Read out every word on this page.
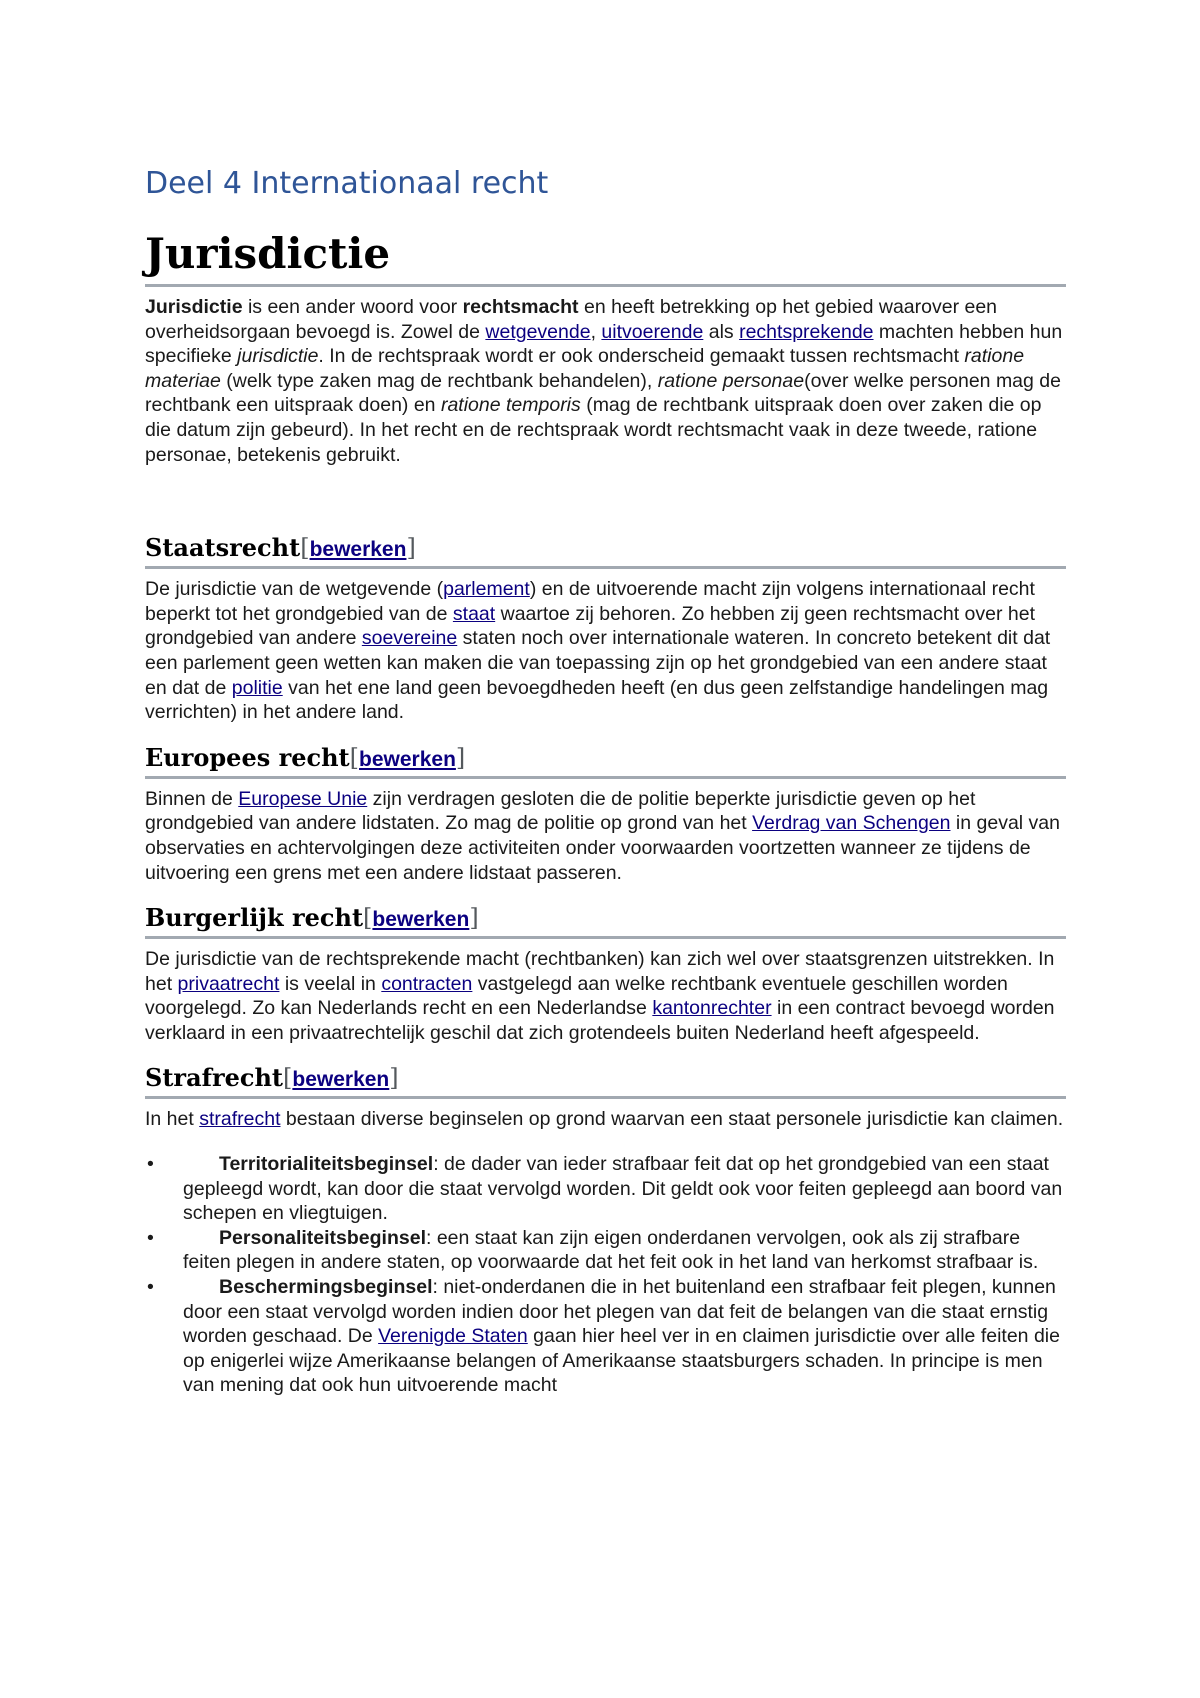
Deel 4 Internationaal recht
Jurisdictie

Jurisdictie is een ander woord voor rechtsmacht en heeft betrekking op het gebied waarover een overheidsorgaan bevoegd is. Zowel de wetgevende, uitvoerende als rechtsprekende machten hebben hun specifieke jurisdictie. In de rechtspraak wordt er ook onderscheid gemaakt tussen rechtsmacht ratione materiae (welk type zaken mag de rechtbank behandelen), ratione personae(over welke personen mag de rechtbank een uitspraak doen) en ratione temporis (mag de rechtbank uitspraak doen over zaken die op die datum zijn gebeurd). In het recht en de rechtspraak wordt rechtsmacht vaak in deze tweede, ratione personae, betekenis gebruikt.

Staatsrecht[bewerken]

De jurisdictie van de wetgevende (parlement) en de uitvoerende macht zijn volgens internationaal recht beperkt tot het grondgebied van de staat waartoe zij behoren. Zo hebben zij geen rechtsmacht over het grondgebied van andere soevereine staten noch over internationale wateren. In concreto betekent dit dat een parlement geen wetten kan maken die van toepassing zijn op het grondgebied van een andere staat en dat de politie van het ene land geen bevoegdheden heeft (en dus geen zelfstandige handelingen mag verrichten) in het andere land.

Europees recht[bewerken]

Binnen de Europese Unie zijn verdragen gesloten die de politie beperkte jurisdictie geven op het grondgebied van andere lidstaten. Zo mag de politie op grond van het Verdrag van Schengen in geval van observaties en achtervolgingen deze activiteiten onder voorwaarden voortzetten wanneer ze tijdens de uitvoering een grens met een andere lidstaat passeren.

Burgerlijk recht[bewerken]

De jurisdictie van de rechtsprekende macht (rechtbanken) kan zich wel over staatsgrenzen uitstrekken. In het privaatrecht is veelal in contracten vastgelegd aan welke rechtbank eventuele geschillen worden voorgelegd. Zo kan Nederlands recht en een Nederlandse kantonrechter in een contract bevoegd worden verklaard in een privaatrechtelijk geschil dat zich grotendeels buiten Nederland heeft afgespeeld.

Strafrecht[bewerken]

In het strafrecht bestaan diverse beginselen op grond waarvan een staat personele jurisdictie kan claimen.

•	Territorialiteitsbeginsel: de dader van ieder strafbaar feit dat op het grondgebied van een staat gepleegd wordt, kan door die staat vervolgd worden. Dit geldt ook voor feiten gepleegd aan boord van schepen en vliegtuigen.
•	Personaliteitsbeginsel: een staat kan zijn eigen onderdanen vervolgen, ook als zij strafbare feiten plegen in andere staten, op voorwaarde dat het feit ook in het land van herkomst strafbaar is.
•	Beschermingsbeginsel: niet-onderdanen die in het buitenland een strafbaar feit plegen, kunnen door een staat vervolgd worden indien door het plegen van dat feit de belangen van die staat ernstig worden geschaad. De Verenigde Staten gaan hier heel ver in en claimen jurisdictie over alle feiten die op enigerlei wijze Amerikaanse belangen of Amerikaanse staatsburgers schaden. In principe is men van mening dat ook hun uitvoerende macht
